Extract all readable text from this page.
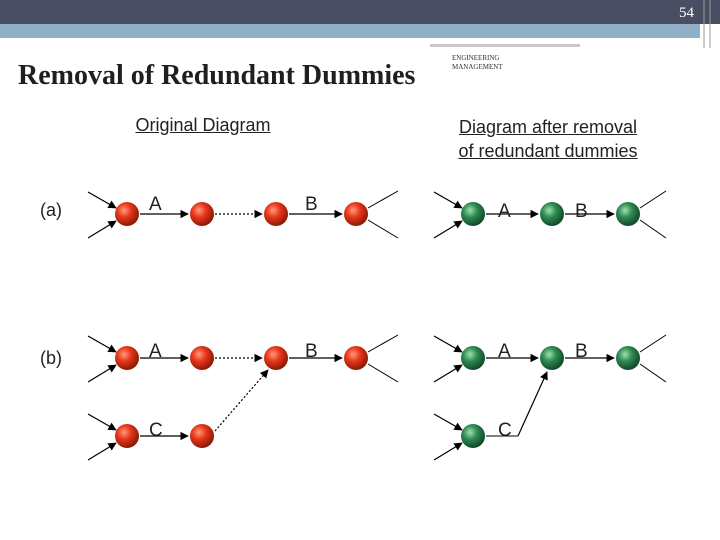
54
Removal of Redundant Dummies
ENGINEERING
MANAGEMENT
Original Diagram	Diagram after removal
of redundant dummies
(a)
(b)
A	B	A	B
A	B
C
A	B
C
